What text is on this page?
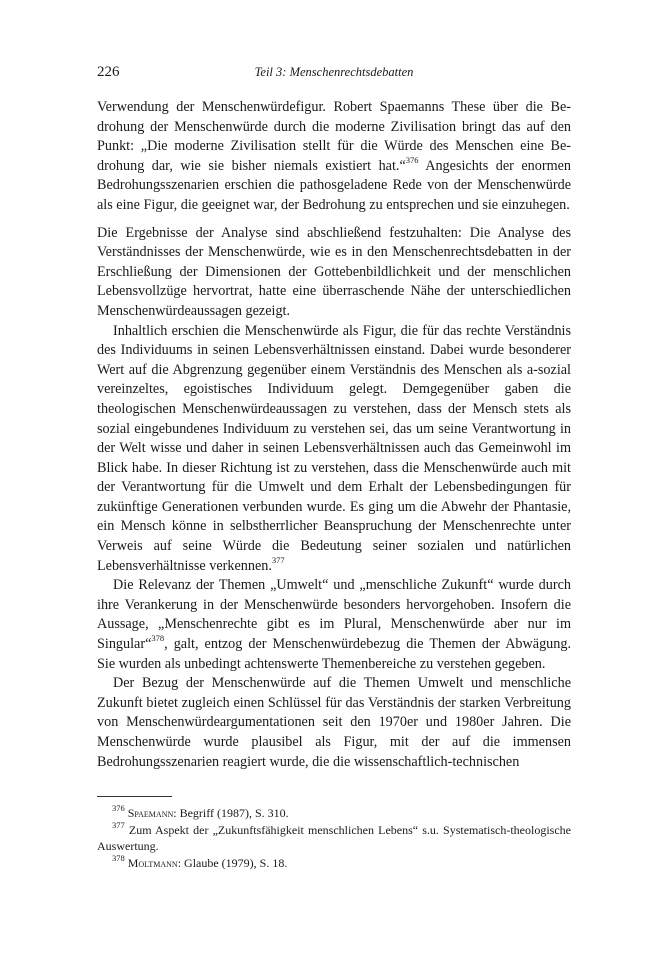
226	Teil 3: Menschenrechtsdebatten

Verwendung der Menschenwürdefigur. Robert Spaemanns These über die Bedrohung der Menschenwürde durch die moderne Zivilisation bringt das auf den Punkt: „Die moderne Zivilisation stellt für die Würde des Menschen eine Bedrohung dar, wie sie bisher niemals existiert hat.“$^{376}$ Angesichts der enormen Bedrohungsszenarien erschien die pathosgeladene Rede von der Menschenwürde als eine Figur, die geeignet war, der Bedrohung zu entsprechen und sie einzuhegen.

Die Ergebnisse der Analyse sind abschließend festzuhalten: Die Analyse des Verständnisses der Menschenwürde, wie es in den Menschenrechtsdebatten in der Erschließung der Dimensionen der Gottebenbildlichkeit und der menschlichen Lebensvollzüge hervortrat, hatte eine überraschende Nähe der unterschiedlichen Menschenwürdeaussagen gezeigt.

Inhaltlich erschien die Menschenwürde als Figur, die für das rechte Verständnis des Individuums in seinen Lebensverhältnissen einstand. Dabei wurde besonderer Wert auf die Abgrenzung gegenüber einem Verständnis des Menschen als a-sozial vereinzeltes, egoistisches Individuum gelegt. Demgegenüber gaben die theologischen Menschenwürdeaussagen zu verstehen, dass der Mensch stets als sozial eingebundenes Individuum zu verstehen sei, das um seine Verantwortung in der Welt wisse und daher in seinen Lebensverhältnissen auch das Gemeinwohl im Blick habe. In dieser Richtung ist zu verstehen, dass die Menschenwürde auch mit der Verantwortung für die Umwelt und dem Erhalt der Lebensbedingungen für zukünftige Generationen verbunden wurde. Es ging um die Abwehr der Phantasie, ein Mensch könne in selbstherrlicher Beanspruchung der Menschenrechte unter Verweis auf seine Würde die Bedeutung seiner sozialen und natürlichen Lebensverhältnisse verkennen.$^{377}$

Die Relevanz der Themen „Umwelt“ und „menschliche Zukunft“ wurde durch ihre Verankerung in der Menschenwürde besonders hervorgehoben. Insofern die Aussage, „Menschenrechte gibt es im Plural, Menschenwürde aber nur im Singular“$^{378}$, galt, entzog der Menschenwürdebezug die Themen der Abwägung. Sie wurden als unbedingt achtenswerte Themenbereiche zu verstehen gegeben.

Der Bezug der Menschenwürde auf die Themen Umwelt und menschliche Zukunft bietet zugleich einen Schlüssel für das Verständnis der starken Verbreitung von Menschenwürdeargumentationen seit den 1970er und 1980er Jahren. Die Menschenwürde wurde plausibel als Figur, mit der auf die immensen Bedrohungsszenarien reagiert wurde, die die wissenschaftlich-technischen

$^{376}$ Spaemann: Begriff (1987), S. 310.

$^{377}$ Zum Aspekt der „Zukunftsfähigkeit menschlichen Lebens“ s.u. Systematisch-theologische Auswertung.

$^{378}$ Moltmann: Glaube (1979), S. 18.
